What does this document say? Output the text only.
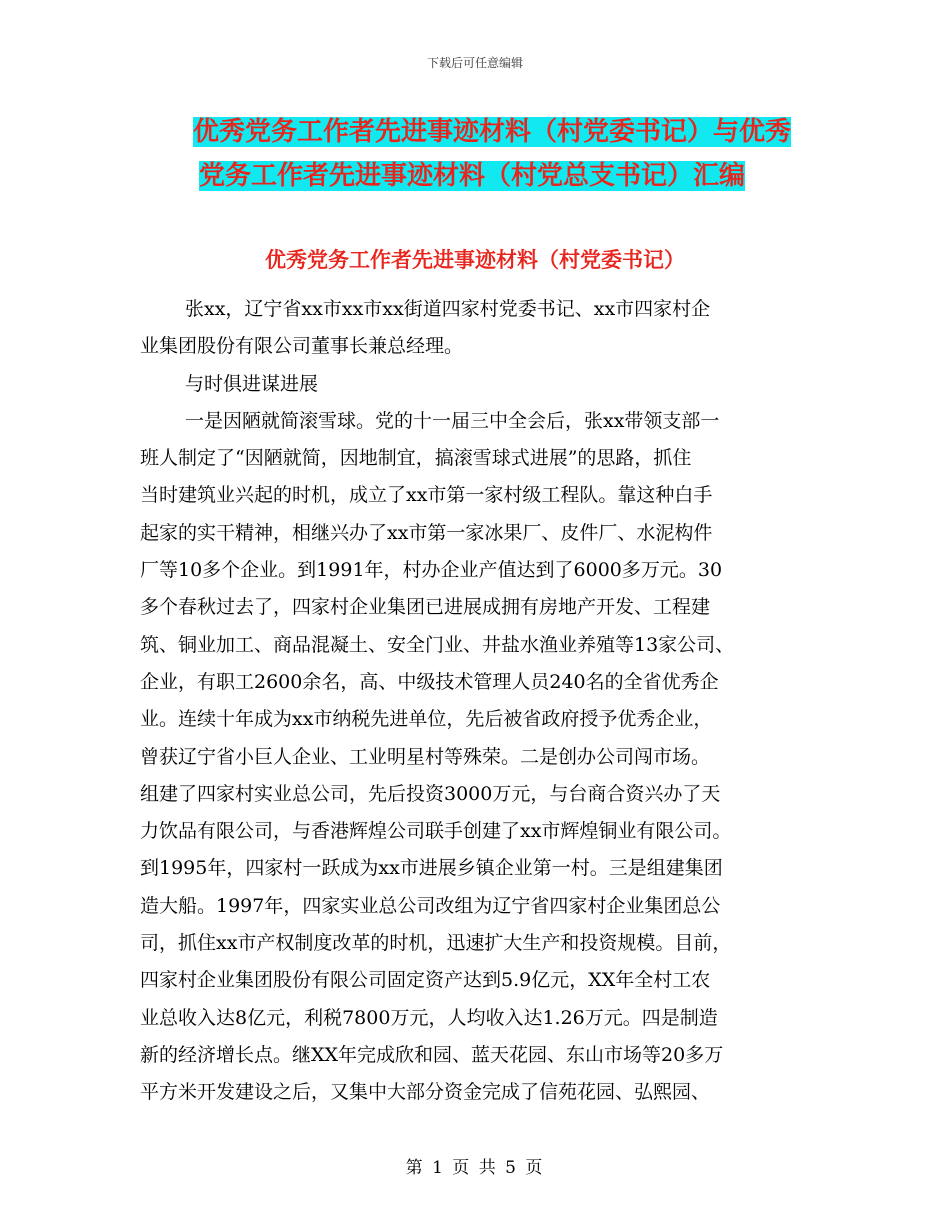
下载后可任意编辑
优秀党务工作者先进事迹材料（村党委书记）与优秀
党务工作者先进事迹材料（村党总支书记）汇编
优秀党务工作者先进事迹材料（村党委书记）
张xx，辽宁省xx市xx市xx街道四家村党委书记、xx市四家村企
业集团股份有限公司董事长兼总经理。
与时俱进谋进展
一是因陋就简滚雪球。党的十一届三中全会后，张xx带领支部一
班人制定了“因陋就简，因地制宜，搞滚雪球式进展”的思路，抓住
当时建筑业兴起的时机，成立了xx市第一家村级工程队。靠这种白手
起家的实干精神，相继兴办了xx市第一家冰果厂、皮件厂、水泥构件
厂等10多个企业。到1991年，村办企业产值达到了6000多万元。30
多个春秋过去了，四家村企业集团已进展成拥有房地产开发、工程建
筑、铜业加工、商品混凝土、安全门业、井盐水渔业养殖等13家公司、
企业，有职工2600余名，高、中级技术管理人员240名的全省优秀企
业。连续十年成为xx市纳税先进单位，先后被省政府授予优秀企业，
曾获辽宁省小巨人企业、工业明星村等殊荣。二是创办公司闯市场。
组建了四家村实业总公司，先后投资3000万元，与台商合资兴办了天
力饮品有限公司，与香港辉煌公司联手创建了xx市辉煌铜业有限公司。
到1995年，四家村一跃成为xx市进展乡镇企业第一村。三是组建集团
造大船。1997年，四家实业总公司改组为辽宁省四家村企业集团总公
司，抓住xx市产权制度改革的时机，迅速扩大生产和投资规模。目前，
四家村企业集团股份有限公司固定资产达到5.9亿元，XX年全村工农
业总收入达8亿元，利税7800万元，人均收入达1.26万元。四是制造
新的经济增长点。继XX年完成欣和园、蓝天花园、东山市场等20多万
平方米开发建设之后，又集中大部分资金完成了信苑花园、弘熙园、
第 1 页 共 5 页
